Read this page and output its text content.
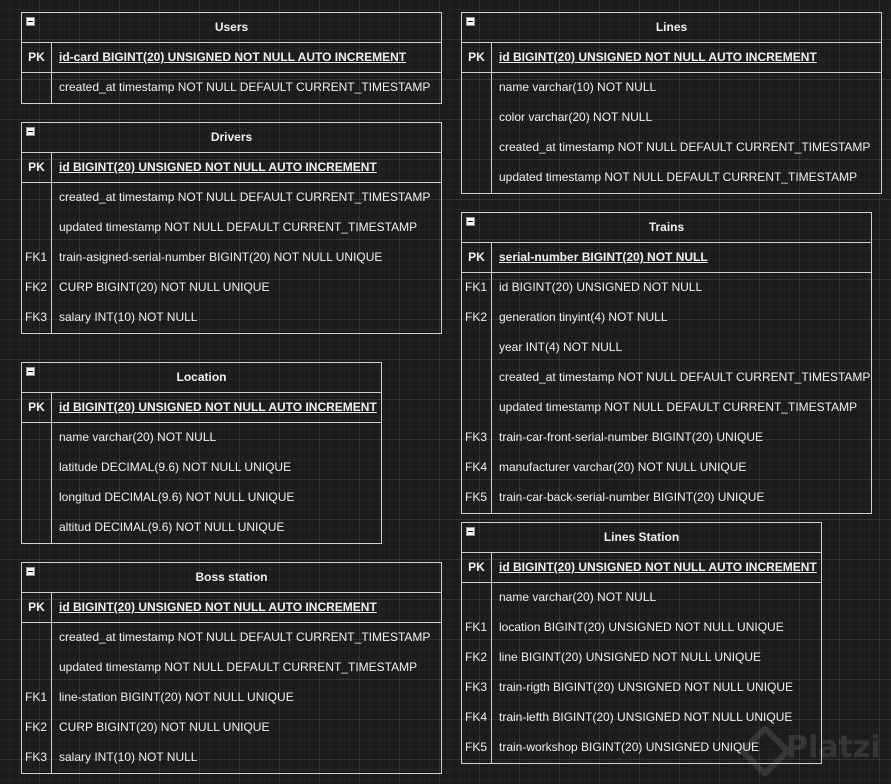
Users
PK	id-card BIGINT(20) UNSIGNED NOT NULL AUTO INCREMENT
created_at timestamp NOT NULL DEFAULT CURRENT_TIMESTAMP
Drivers
PK	id BIGINT(20) UNSIGNED NOT NULL AUTO INCREMENT
created_at timestamp NOT NULL DEFAULT CURRENT_TIMESTAMP
updated timestamp NOT NULL DEFAULT CURRENT_TIMESTAMP
FK1 train-asigned-serial-number BIGINT(20) NOT NULL UNIQUE
FK2 CURP BIGINT(20) NOT NULL UNIQUE
FK3 salary INT(10) NOT NULL
Location
PK	id BIGINT(20) UNSIGNED NOT NULL AUTO INCREMENT
name varchar(20) NOT NULL
latitude DECIMAL(9.6) NOT NULL UNIQUE
longitud DECIMAL(9.6) NOT NULL UNIQUE
altitud DECIMAL(9.6) NOT NULL UNIQUE
Boss station
PK	id BIGINT(20) UNSIGNED NOT NULL AUTO INCREMENT
created_at timestamp NOT NULL DEFAULT CURRENT_TIMESTAMP
updated timestamp NOT NULL DEFAULT CURRENT_TIMESTAMP
FK1 line-station BIGINT(20) NOT NULL UNIQUE
FK2 CURP BIGINT(20) NOT NULL UNIQUE
FK3 salary INT(10) NOT NULL
Lines
PK	id BIGINT(20) UNSIGNED NOT NULL AUTO INCREMENT
name varchar(10) NOT NULL
color varchar(20) NOT NULL
created_at timestamp NOT NULL DEFAULT CURRENT_TIMESTAMP
updated timestamp NOT NULL DEFAULT CURRENT_TIMESTAMP
Trains
PK	serial-number BIGINT(20) NOT NULL
FK1 id BIGINT(20) UNSIGNED NOT NULL
FK2 generation tinyint(4) NOT NULL
year INT(4) NOT NULL
created_at timestamp NOT NULL DEFAULT CURRENT_TIMESTAMP
updated timestamp NOT NULL DEFAULT CURRENT_TIMESTAMP
FK3 train-car-front-serial-number BIGINT(20) UNIQUE
FK4 manufacturer varchar(20) NOT NULL UNIQUE
FK5 train-car-back-serial-number BIGINT(20) UNIQUE
Lines Station
PK	id BIGINT(20) UNSIGNED NOT NULL AUTO INCREMENT
name varchar(20) NOT NULL
FK1 location BIGINT(20) UNSIGNED NOT NULL UNIQUE
FK2 line BIGINT(20) UNSIGNED NOT NULL UNIQUE
FK3 train-rigth BIGINT(20) UNSIGNED NOT NULL UNIQUE
FK4 train-lefth BIGINT(20) UNSIGNED NOT NULL UNIQUE
FK5 train-workshop BIGINT(20) UNSIGNED UNIQUE Platzi
